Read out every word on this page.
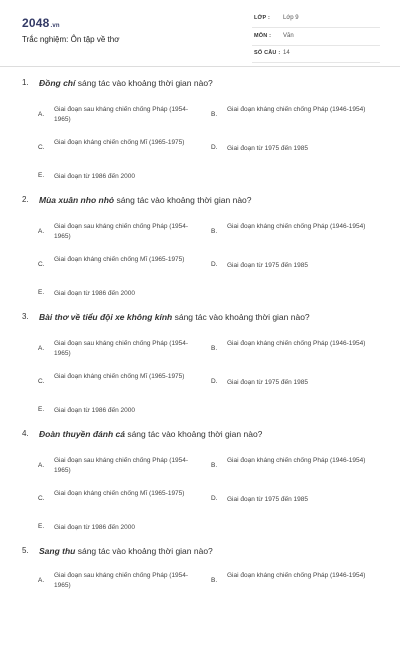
2048.vn
Trắc nghiệm: Ôn tập về thơ
LỚP : Lớp 9
MÔN : Văn
SỐ CÂU : 14
1. Đồng chí sáng tác vào khoảng thời gian nào?
A.
Giai đoạn sau kháng chiến chống Pháp (1954- 1965)
B.
Giai đoạn kháng chiến chống Pháp (1946-1954)
C.
Giai đoạn kháng chiến chống Mĩ (1965-1975)
D. Giai đoạn từ 1975 đến 1985
E. Giai đoạn từ 1986 đến 2000
2. Mùa xuân nho nhỏ sáng tác vào khoảng thời gian nào?
A.
Giai đoạn sau kháng chiến chống Pháp (1954- 1965)
B.
Giai đoạn kháng chiến chống Pháp (1946-1954)
C.
Giai đoạn kháng chiến chống Mĩ (1965-1975)
D. Giai đoạn từ 1975 đến 1985
E. Giai đoạn từ 1986 đến 2000
3. Bài thơ về tiểu đội xe không kính sáng tác vào khoảng thời gian nào?
A.
Giai đoạn sau kháng chiến chống Pháp (1954- 1965)
B.
Giai đoạn kháng chiến chống Pháp (1946-1954)
C.
Giai đoạn kháng chiến chống Mĩ (1965-1975)
D. Giai đoạn từ 1975 đến 1985
E. Giai đoạn từ 1986 đến 2000
4. Đoàn thuyền đánh cá sáng tác vào khoảng thời gian nào?
A.
Giai đoạn sau kháng chiến chống Pháp (1954- 1965)
B.
Giai đoạn kháng chiến chống Pháp (1946-1954)
C.
Giai đoạn kháng chiến chống Mĩ (1965-1975)
D. Giai đoạn từ 1975 đến 1985
E. Giai đoạn từ 1986 đến 2000
5. Sang thu sáng tác vào khoảng thời gian nào?
A.
Giai đoạn sau kháng chiến chống Pháp (1954- 1965)
B.
Giai đoạn kháng chiến chống Pháp (1946-1954)
